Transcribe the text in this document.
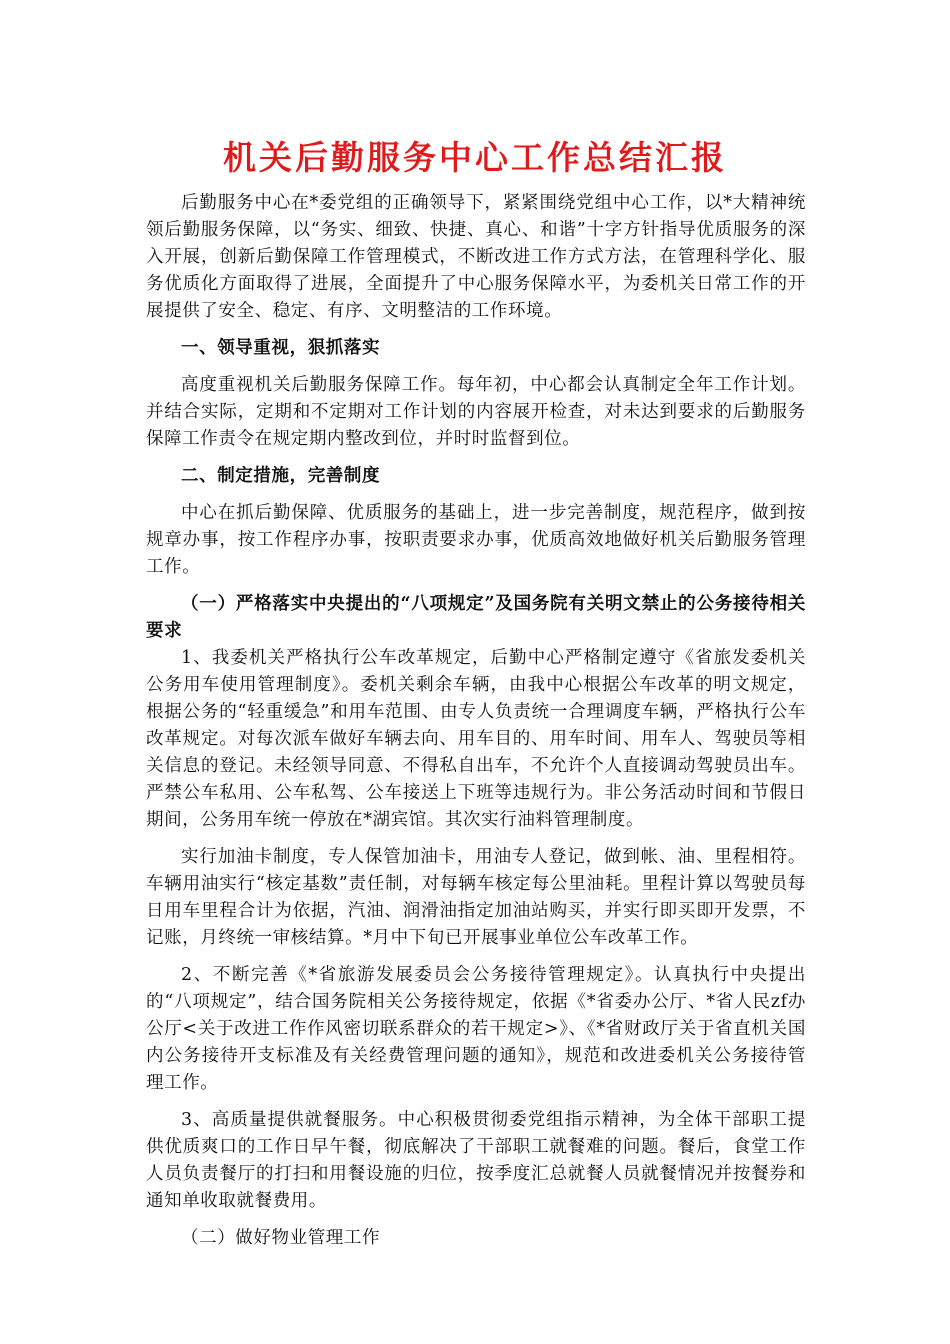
机关后勤服务中心工作总结汇报

后勤服务中心在*委党组的正确领导下，紧紧围绕党组中心工作，以*大精神统领后勤服务保障，以“务实、细致、快捷、真心、和谐”十字方针指导优质服务的深入开展，创新后勤保障工作管理模式，不断改进工作方式方法，在管理科学化、服务优质化方面取得了进展，全面提升了中心服务保障水平，为委机关日常工作的开展提供了安全、稳定、有序、文明整洁的工作环境。

一、领导重视，狠抓落实

高度重视机关后勤服务保障工作。每年初，中心都会认真制定全年工作计划。并结合实际，定期和不定期对工作计划的内容展开检查，对未达到要求的后勤服务保障工作责令在规定期内整改到位，并时时监督到位。

二、制定措施，完善制度

中心在抓后勤保障、优质服务的基础上，进一步完善制度，规范程序，做到按规章办事，按工作程序办事，按职责要求办事，优质高效地做好机关后勤服务管理工作。

（一）严格落实中央提出的“八项规定”及国务院有关明文禁止的公务接待相关要求

1、我委机关严格执行公车改革规定，后勤中心严格制定遵守《省旅发委机关公务用车使用管理制度》。委机关剩余车辆，由我中心根据公车改革的明文规定，根据公务的“轻重缓急”和用车范围、由专人负责统一合理调度车辆，严格执行公车改革规定。对每次派车做好车辆去向、用车目的、用车时间、用车人、驾驶员等相关信息的登记。未经领导同意、不得私自出车，不允许个人直接调动驾驶员出车。严禁公车私用、公车私驾、公车接送上下班等违规行为。非公务活动时间和节假日期间，公务用车统一停放在*湖宾馆。其次实行油料管理制度。

实行加油卡制度，专人保管加油卡，用油专人登记，做到帐、油、里程相符。车辆用油实行“核定基数”责任制，对每辆车核定每公里油耗。里程计算以驾驶员每日用车里程合计为依据，汽油、润滑油指定加油站购买，并实行即买即开发票，不记账，月终统一审核结算。*月中下旬已开展事业单位公车改革工作。

2、不断完善《*省旅游发展委员会公务接待管理规定》。认真执行中央提出的“八项规定”，结合国务院相关公务接待规定，依据《*省委办公厅、*省人民zf办公厅<关于改进工作作风密切联系群众的若干规定>》、《*省财政厅关于省直机关国内公务接待开支标准及有关经费管理问题的通知》，规范和改进委机关公务接待管理工作。

3、高质量提供就餐服务。中心积极贯彻委党组指示精神，为全体干部职工提供优质爽口的工作日早午餐，彻底解决了干部职工就餐难的问题。餐后，食堂工作人员负责餐厅的打扫和用餐设施的归位，按季度汇总就餐人员就餐情况并按餐券和通知单收取就餐费用。

（二）做好物业管理工作
